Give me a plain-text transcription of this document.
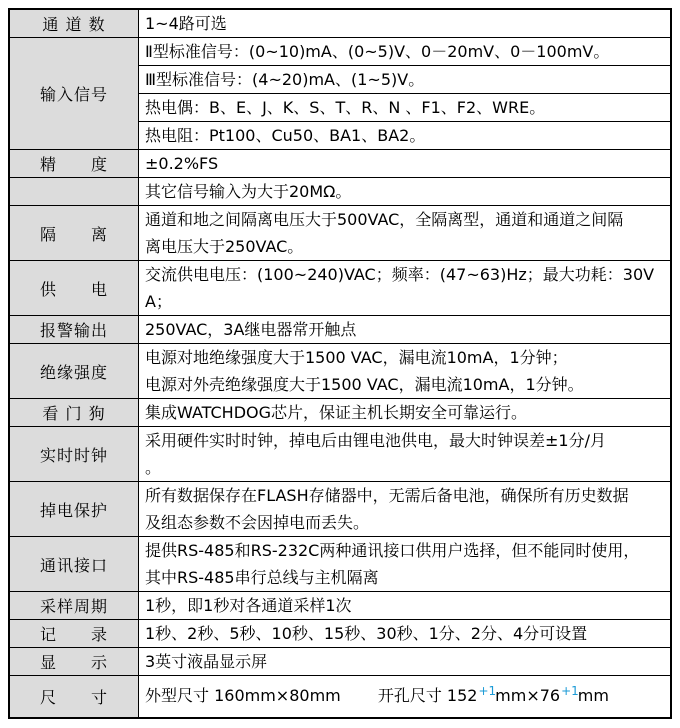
通 道 数	1~4路可选

输入信号	Ⅱ型标准信号：(0~10)mA、(0~5)V、0－20mV、0－100mV。

	Ⅲ型标准信号：(4~20)mA、(1~5)V。

	热电偶：B、E、J、K、S、T、R、N 、F1、F2、WRE。

	热电阻：Pt100、Cu50、BA1、BA2。

精　　度	±0.2%FS

	其它信号输入为大于20MΩ。

隔　　离	通道和地之间隔离电压大于500VAC，全隔离型，通道和通道之间隔
离电压大于250VAC。

供　　电	交流供电电压：(100~240)VAC；频率：(47~63)Hz；最大功耗：30V
A；

报警输出	250VAC，3A继电器常开触点

绝缘强度	电源对地绝缘强度大于1500 VAC，漏电流10mA，1分钟；
电源对外壳绝缘强度大于1500 VAC，漏电流10mA，1分钟。

看 门 狗	集成WATCHDOG芯片，保证主机长期安全可靠运行。

实时时钟	采用硬件实时时钟，掉电后由锂电池供电，最大时钟误差±1分/月
。

掉电保护	所有数据保存在FLASH存储器中，无需后备电池，确保所有历史数据
及组态参数不会因掉电而丢失。

通讯接口	提供RS-485和RS-232C两种通讯接口供用户选择，但不能同时使用，
其中RS-485串行总线与主机隔离

采样周期	1秒，即1秒对各通道采样1次

记　　录	1秒、2秒、5秒、10秒、15秒、30秒、1分、2分、4分可设置

显　　示	3英寸液晶显示屏

尺　　寸	外型尺寸 160mm×80mm　　 开孔尺寸 $152^{+1}mm\times 76^{+1}mm$
